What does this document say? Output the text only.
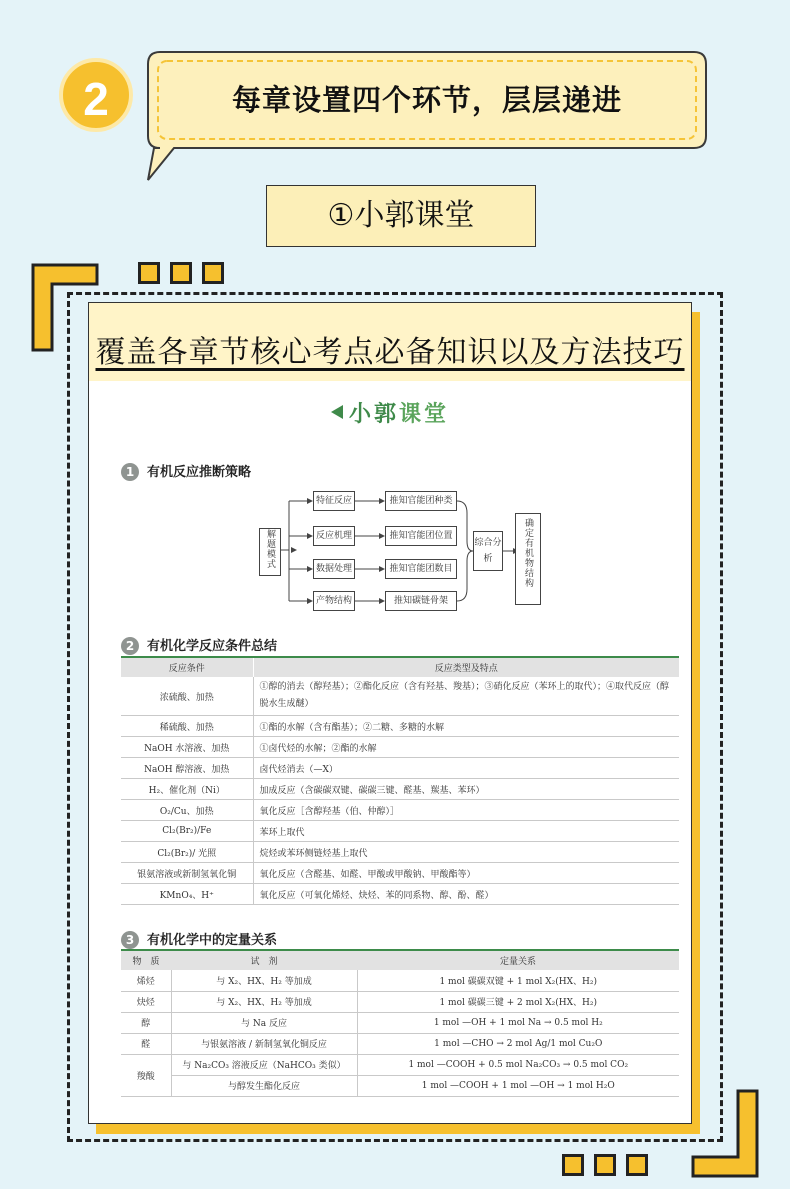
2	每章设置四个环节，层层递进
①小郭课堂
覆盖各章节核心考点必备知识以及方法技巧
小郭课堂
1 有机反应推断策略
解题模式
特征反应
反应机理
数据处理
产物结构
推知官能团种类
推知官能团位置
推知官能团数目
推知碳链骨架
综合分析	确定有机物结构
2 有机化学反应条件总结
反应条件	反应类型及特点
浓硫酸、加热	①醇的消去（醇羟基）；②酯化反应（含有羟基、羧基）；③硝化反应（苯环上的取代）；④取代反应（醇脱水生成醚）
稀硫酸、加热	①酯的水解（含有酯基）；②二糖、多糖的水解
NaOH 水溶液、加热	①卤代烃的水解；②酯的水解
NaOH 醇溶液、加热	卤代烃消去（—X）
H₂、催化剂（Ni）	加成反应（含碳碳双键、碳碳三键、醛基、羰基、苯环）
O₂/Cu、加热	氧化反应［含醇羟基（伯、仲醇）］
Cl₂(Br₂)/Fe	苯环上取代
Cl₂(Br₂)/ 光照	烷烃或苯环侧链烃基上取代
银氨溶液或新制氢氧化铜	氧化反应（含醛基、如醛、甲酸或甲酸钠、甲酸酯等）
KMnO₄、H⁺	氧化反应（可氧化烯烃、炔烃、苯的同系物、醇、酚、醛）
3 有机化学中的定量关系
物　质	试　剂	定量关系
烯烃	与 X₂、HX、H₂ 等加成	1 mol 碳碳双键 + 1 mol X₂(HX、H₂)
炔烃	与 X₂、HX、H₂ 等加成	1 mol 碳碳三键 + 2 mol X₂(HX、H₂)
醇	与 Na 反应	1 mol —OH + 1 mol Na → 0.5 mol H₂
醛	与银氨溶液 / 新制氢氧化铜反应	1 mol —CHO → 2 mol Ag/1 mol Cu₂O
羧酸	与 Na₂CO₃ 溶液反应（NaHCO₃ 类似）	1 mol —COOH + 0.5 mol Na₂CO₃ → 0.5 mol CO₂
	与醇发生酯化反应	1 mol —COOH + 1 mol —OH → 1 mol H₂O
